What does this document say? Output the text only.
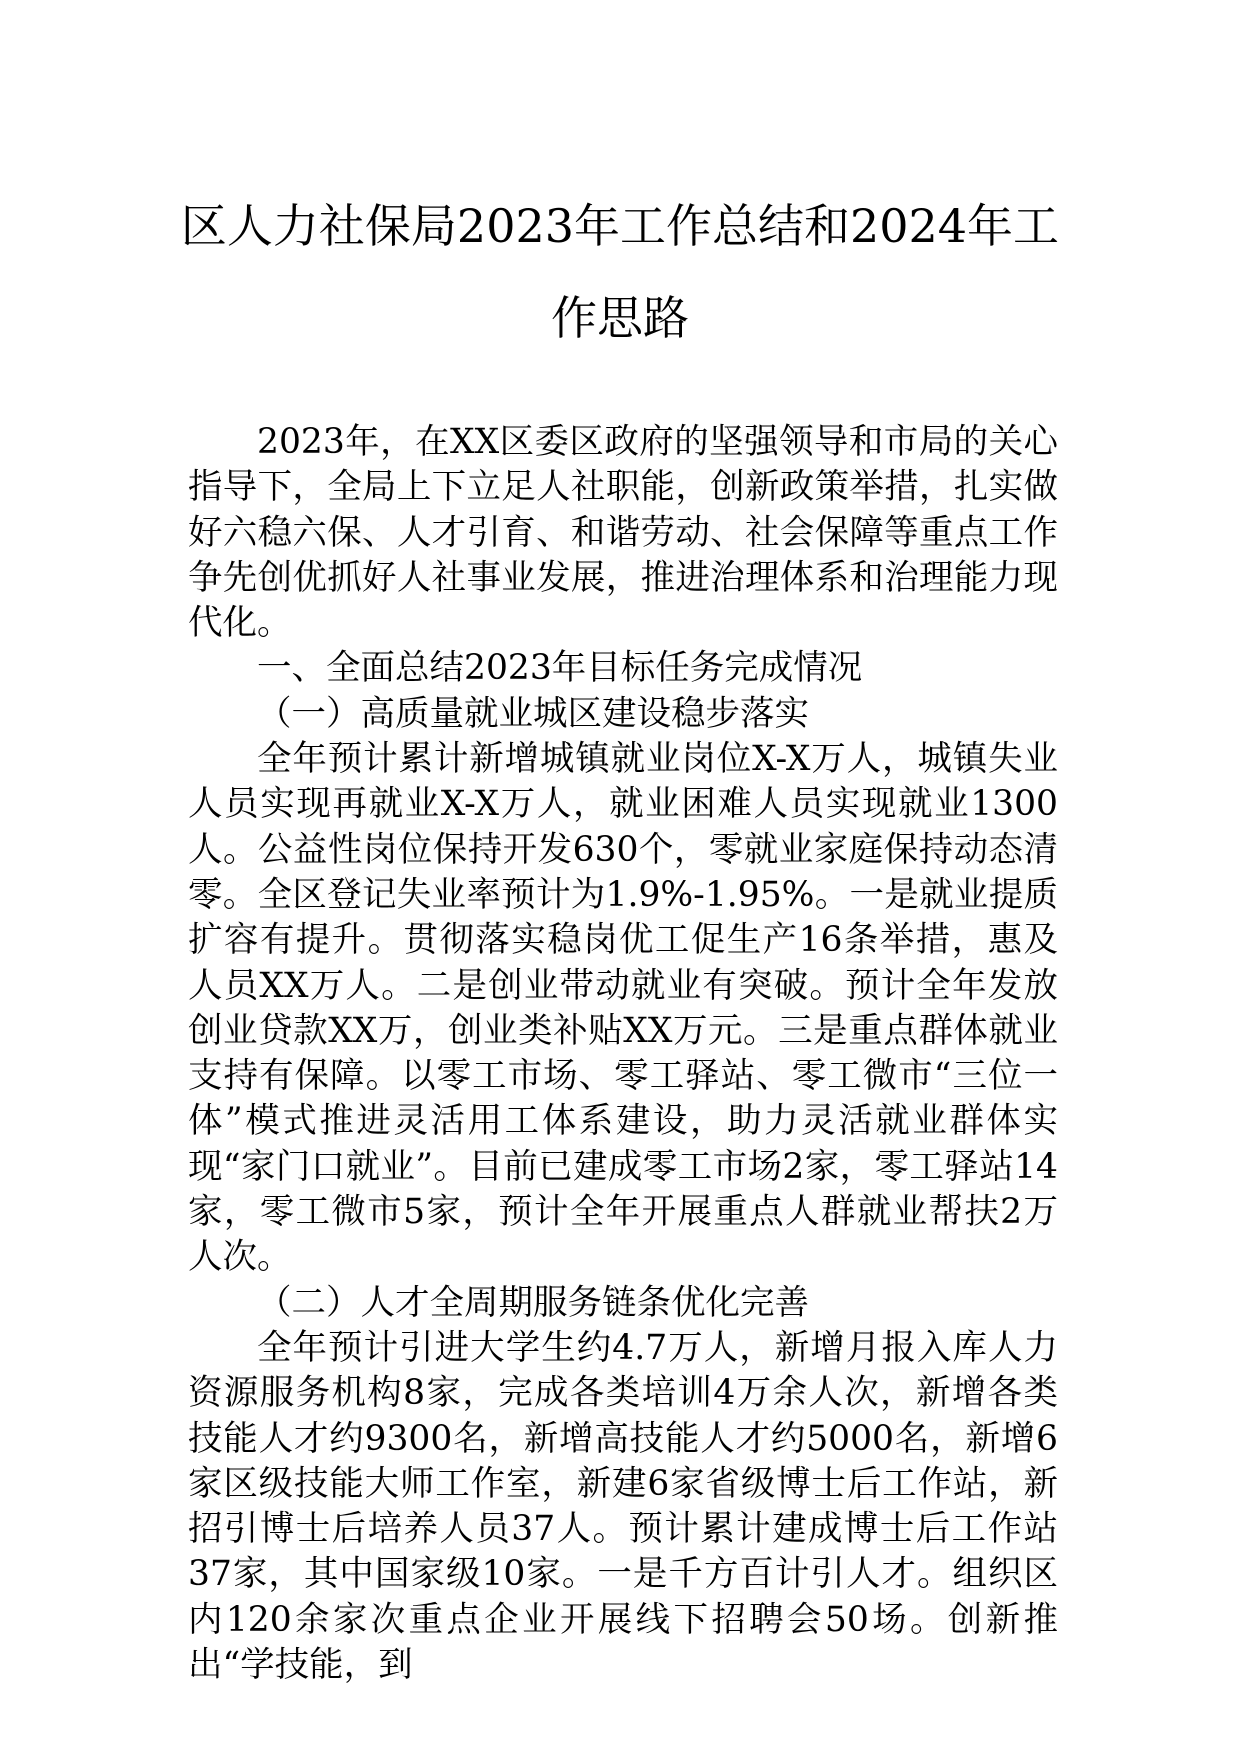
区人力社保局2023年工作总结和2024年工作思路

2023年，在XX区委区政府的坚强领导和市局的关心指导下，全局上下立足人社职能，创新政策举措，扎实做好六稳六保、人才引育、和谐劳动、社会保障等重点工作争先创优抓好人社事业发展，推进治理体系和治理能力现代化。

一、全面总结2023年目标任务完成情况

（一）高质量就业城区建设稳步落实

全年预计累计新增城镇就业岗位X-X万人，城镇失业人员实现再就业X-X万人，就业困难人员实现就业1300人。公益性岗位保持开发630个，零就业家庭保持动态清零。全区登记失业率预计为1.9%-1.95%。一是就业提质扩容有提升。贯彻落实稳岗优工促生产16条举措，惠及人员XX万人。二是创业带动就业有突破。预计全年发放创业贷款XX万，创业类补贴XX万元。三是重点群体就业支持有保障。以零工市场、零工驿站、零工微市“三位一体”模式推进灵活用工体系建设，助力灵活就业群体实现“家门口就业”。目前已建成零工市场2家，零工驿站14家，零工微市5家，预计全年开展重点人群就业帮扶2万人次。

（二）人才全周期服务链条优化完善

全年预计引进大学生约4.7万人，新增月报入库人力资源服务机构8家，完成各类培训4万余人次，新增各类技能人才约9300名，新增高技能人才约5000名，新增6家区级技能大师工作室，新建6家省级博士后工作站，新招引博士后培养人员37人。预计累计建成博士后工作站37家，其中国家级10家。一是千方百计引人才。组织区内120余家次重点企业开展线下招聘会50场。创新推出“学技能，到
